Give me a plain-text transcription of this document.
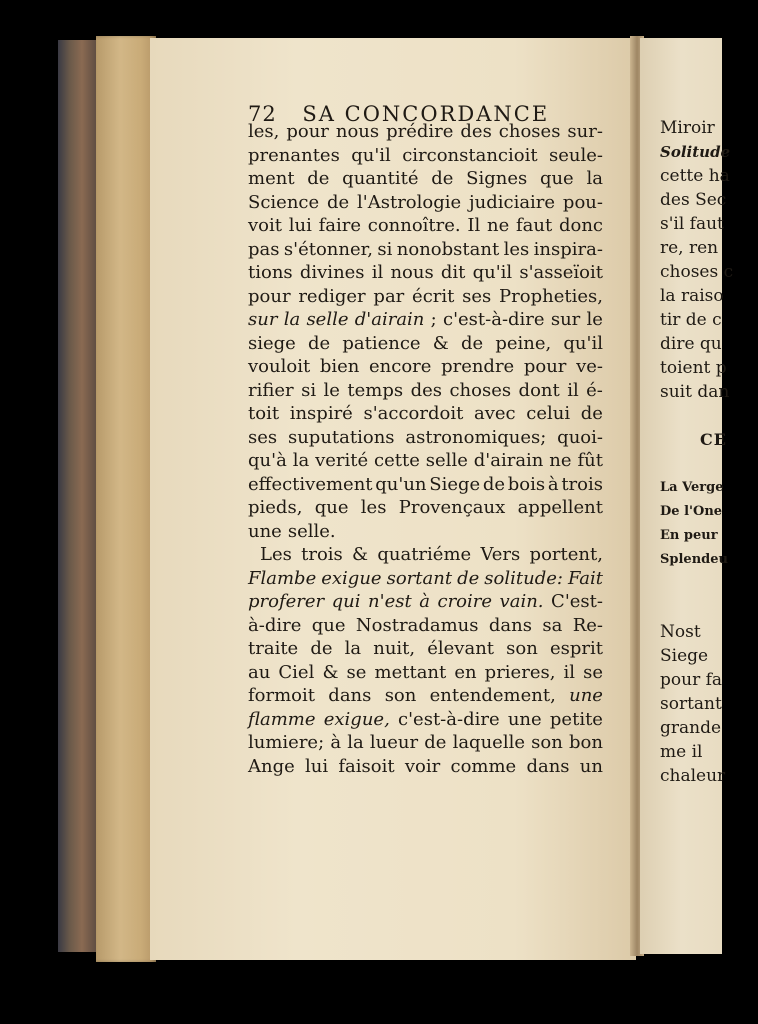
72 SA CONCORDANCE
les, pour nous prédire des choses sur-
prenantes qu'il circonstancioit seule-
ment de quantité de Signes que la
Science de l'Astrologie judiciaire pou-
voit lui faire connoître. Il ne faut donc
pas s'étonner, si nonobstant les inspira-
tions divines il nous dit qu'il s'asseïoit
pour rediger par écrit ses Propheties,
sur la selle d'airain ; c'est-à-dire sur le
siege de patience & de peine, qu'il
vouloit bien encore prendre pour ve-
rifier si le temps des choses dont il é-
toit inspiré s'accordoit avec celui de
ses suputations astronomiques; quoi-
qu'à la verité cette selle d'airain ne fût
effectivement qu'un Siege de bois à trois
pieds, que les Provençaux appellent
une selle.
Les trois & quatriéme Vers portent,
Flambe exigue sortant de solitude: Fait
proferer qui n'est à croire vain. C'est-
à-dire que Nostradamus dans sa Re-
traite de la nuit, élevant son esprit
au Ciel & se mettant en prieres, il se
formoit dans son entendement, une
flamme exigue, c'est-à-dire une petite
lumiere; à la lueur de laquelle son bon
Ange lui faisoit voir comme dans un
Miroir
Solitude
cette ha
des Sec
s'il faut
re, ren
choses c
la raiso
tir de c
dire qu
toient p
suit dan
CE
La Verge
De l'One
En peur
Splendeu
Nost
Siege
pour fa
sortant
grande
me il
chaleur
